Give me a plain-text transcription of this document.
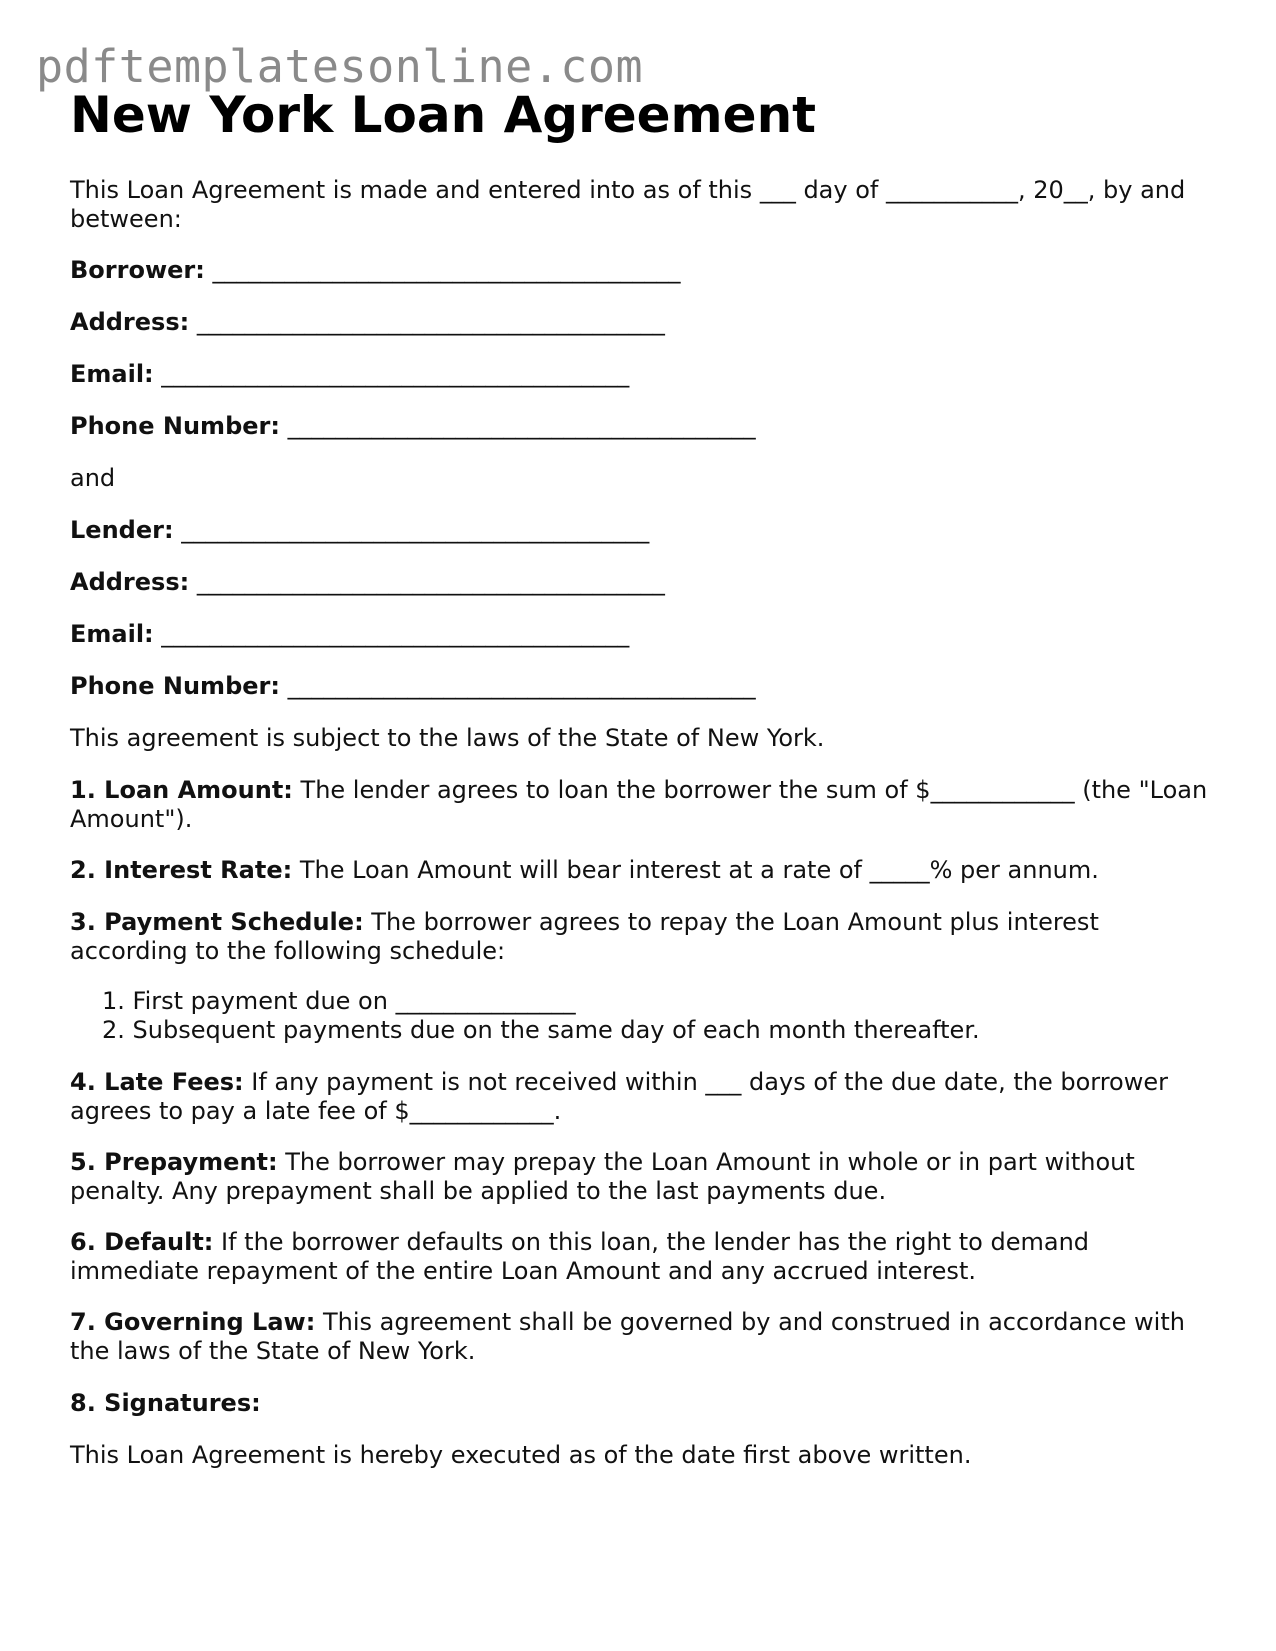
pdftemplatesonline.com
New York Loan Agreement

This Loan Agreement is made and entered into as of this ___ day of ___________, 20__, by and between:

Borrower: _______________________________________

Address: _______________________________________

Email: _______________________________________

Phone Number: _______________________________________

and

Lender: _______________________________________

Address: _______________________________________

Email: _______________________________________

Phone Number: _______________________________________

This agreement is subject to the laws of the State of New York.

1. Loan Amount: The lender agrees to loan the borrower the sum of $____________ (the "Loan Amount").

2. Interest Rate: The Loan Amount will bear interest at a rate of _____% per annum.

3. Payment Schedule: The borrower agrees to repay the Loan Amount plus interest according to the following schedule:

1. First payment due on _______________
2. Subsequent payments due on the same day of each month thereafter.

4. Late Fees: If any payment is not received within ___ days of the due date, the borrower agrees to pay a late fee of $____________.

5. Prepayment: The borrower may prepay the Loan Amount in whole or in part without penalty. Any prepayment shall be applied to the last payments due.

6. Default: If the borrower defaults on this loan, the lender has the right to demand immediate repayment of the entire Loan Amount and any accrued interest.

7. Governing Law: This agreement shall be governed by and construed in accordance with the laws of the State of New York.

8. Signatures:

This Loan Agreement is hereby executed as of the date first above written.
